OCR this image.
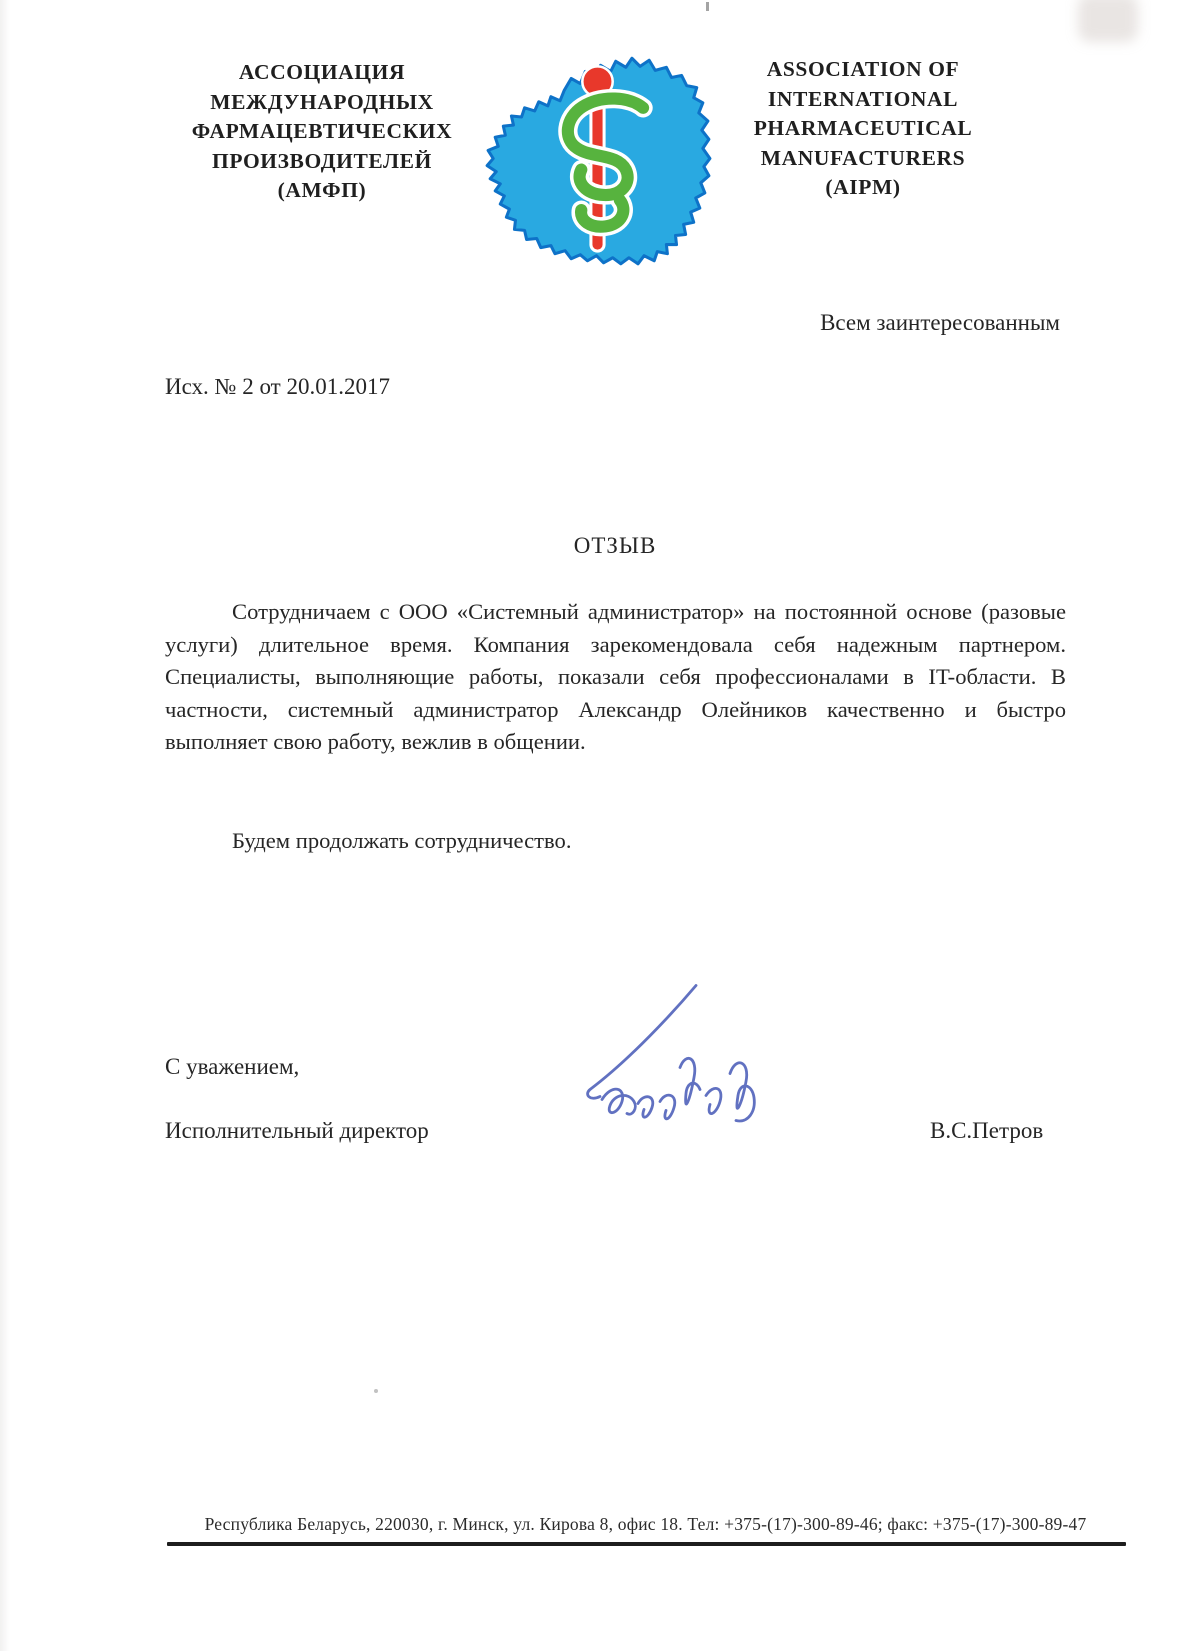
АССОЦИАЦИЯ
МЕЖДУНАРОДНЫХ
ФАРМАЦЕВТИЧЕСКИХ
ПРОИЗВОДИТЕЛЕЙ
(АМФП)
ASSOCIATION OF
INTERNATIONAL
PHARMACEUTICAL
MANUFACTURERS
(AIPM)
Всем заинтересованным
Исх. № 2 от 20.01.2017
ОТЗЫВ

Сотрудничаем с ООО «Системный администратор» на постоянной основе (разовые услуги) длительное время. Компания зарекомендовала себя надежным партнером. Специалисты, выполняющие работы, показали себя профессионалами в IT-области. В частности, системный администратор Александр Олейников качественно и быстро выполняет свою работу, вежлив в общении.

Будем продолжать сотрудничество.

С уважением,
Исполнительный директор	В.С.Петров
Республика Беларусь, 220030, г. Минск, ул. Кирова 8, офис 18. Тел: +375-(17)-300-89-46; факс: +375-(17)-300-89-47
